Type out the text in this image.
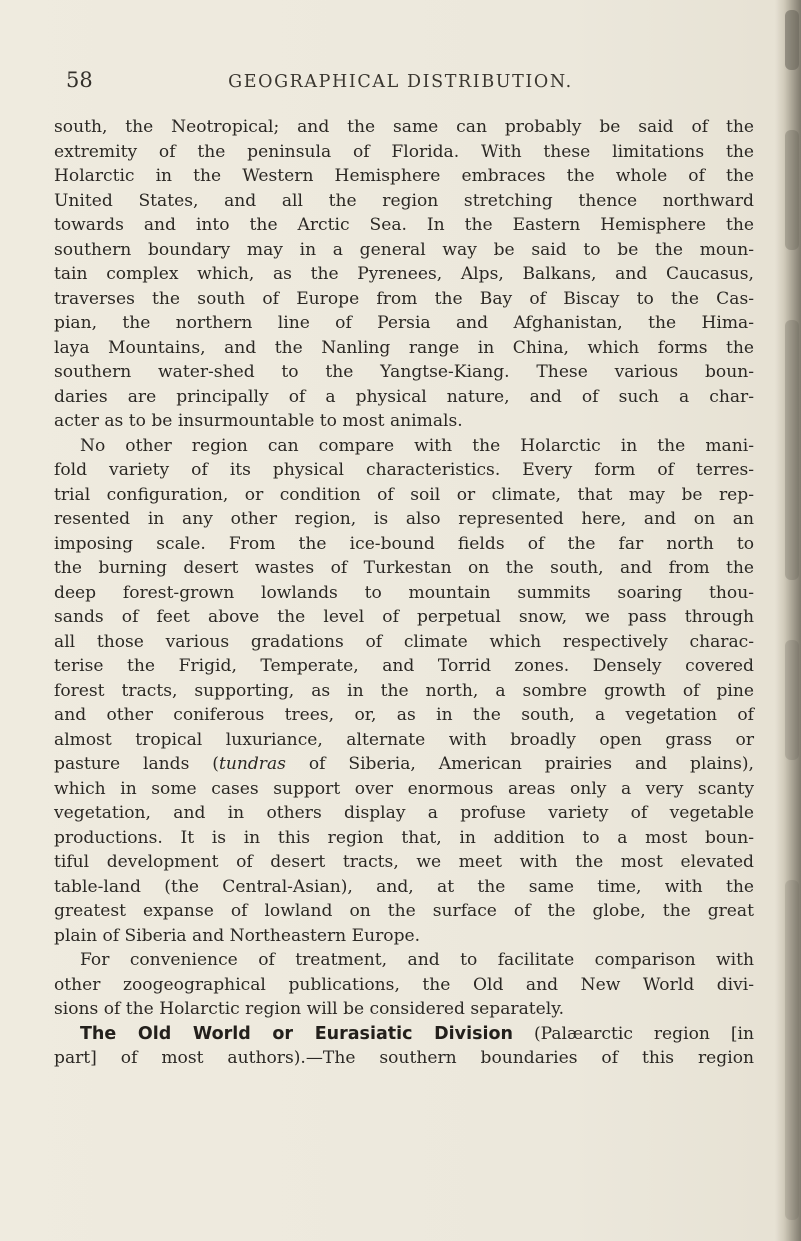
58	GEOGRAPHICAL DISTRIBUTION.
south, the Neotropical; and the same can probably be said of the
extremity of the peninsula of Florida. With these limitations the
Holarctic in the Western Hemisphere embraces the whole of the
United States, and all the region stretching thence northward
towards and into the Arctic Sea. In the Eastern Hemisphere the
southern boundary may in a general way be said to be the moun-
tain complex which, as the Pyrenees, Alps, Balkans, and Caucasus,
traverses the south of Europe from the Bay of Biscay to the Cas-
pian, the northern line of Persia and Afghanistan, the Hima-
laya Mountains, and the Nanling range in China, which forms the
southern water-shed to the Yangtse-Kiang. These various boun-
daries are principally of a physical nature, and of such a char-
acter as to be insurmountable to most animals.
No other region can compare with the Holarctic in the mani-
fold variety of its physical characteristics. Every form of terres-
trial configuration, or condition of soil or climate, that may be rep-
resented in any other region, is also represented here, and on an
imposing scale. From the ice-bound fields of the far north to
the burning desert wastes of Turkestan on the south, and from the
deep forest-grown lowlands to mountain summits soaring thou-
sands of feet above the level of perpetual snow, we pass through
all those various gradations of climate which respectively charac-
terise the Frigid, Temperate, and Torrid zones. Densely covered
forest tracts, supporting, as in the north, a sombre growth of pine
and other coniferous trees, or, as in the south, a vegetation of
almost tropical luxuriance, alternate with broadly open grass or
pasture lands (tundras of Siberia, American prairies and plains),
which in some cases support over enormous areas only a very scanty
vegetation, and in others display a profuse variety of vegetable
productions. It is in this region that, in addition to a most boun-
tiful development of desert tracts, we meet with the most elevated
table-land (the Central-Asian), and, at the same time, with the
greatest expanse of lowland on the surface of the globe, the great
plain of Siberia and Northeastern Europe.
For convenience of treatment, and to facilitate comparison with
other zoogeographical publications, the Old and New World divi-
sions of the Holarctic region will be considered separately.
The Old World or Eurasiatic Division (Palæarctic region [in
part] of most authors).—The southern boundaries of this region
